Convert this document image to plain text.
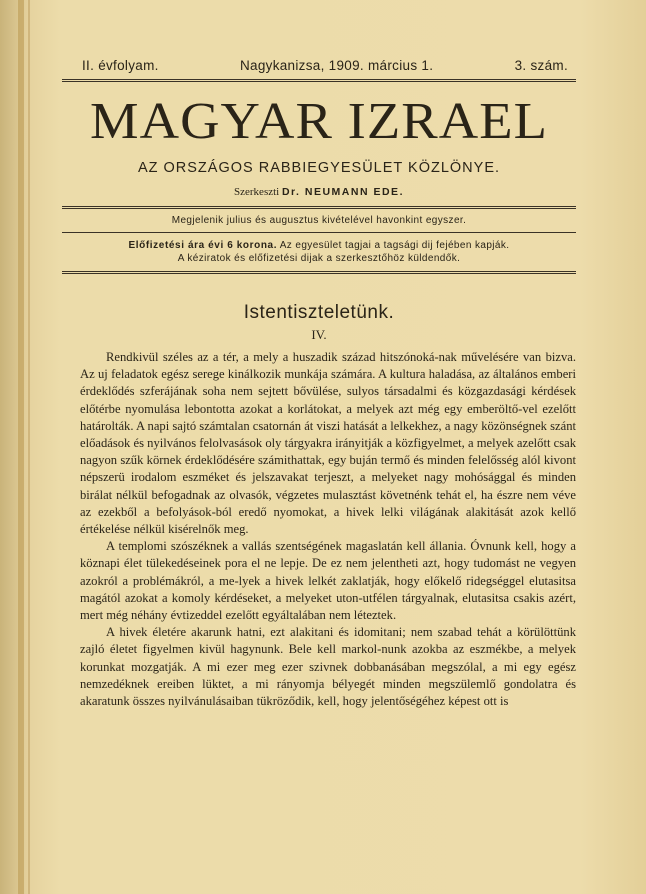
II. évfolyam.	Nagykanizsa, 1909. március 1.	3. szám.
MAGYAR IZRAEL
AZ ORSZÁGOS RABBIEGYESÜLET KÖZLÖNYE.
Szerkeszti Dr. NEUMANN EDE.
Megjelenik julius és augusztus kivételével havonkint egyszer.
Előfizetési ára évi 6 korona. Az egyesület tagjai a tagsági dij fejében kapják.
A kéziratok és előfizetési dijak a szerkesztőhöz küldendők.
Istentiszteletünk.
IV.

Rendkivül széles az a tér, a mely a huszadik század hitszónoká-nak művelésére van bizva. Az uj feladatok egész serege kinálkozik munkája számára. A kultura haladása, az általános emberi érdeklődés szferájának soha nem sejtett bővülése, sulyos társadalmi és közgazdasági kérdések előtérbe nyomulása lebontotta azokat a korlátokat, a melyek azt még egy emberöltő-vel ezelőtt határolták. A napi sajtó számtalan csatornán át viszi hatását a lelkekhez, a nagy közönségnek szánt előadások és nyilvános felolvasások oly tárgyakra irányitják a közfigyelmet, a melyek azelőtt csak nagyon szűk körnek érdeklődésére számithattak, egy buján termő és minden felelősség alól kivont népszerü irodalom eszméket és jelszavakat terjeszt, a melyeket nagy mohósággal és minden birálat nélkül befogadnak az olvasók, végzetes mulasztást követnénk tehát el, ha észre nem véve az ezekből a befolyások-ból eredő nyomokat, a hivek lelki világának alakitását azok kellő értékelése nélkül kisérelnők meg.

A templomi szószéknek a vallás szentségének magaslatán kell állania. Óvnunk kell, hogy a köznapi élet tülekedéseinek pora el ne lepje. De ez nem jelentheti azt, hogy tudomást ne vegyen azokról a problémákról, a me-lyek a hivek lelkét zaklatják, hogy előkelő ridegséggel elutasitsa magától azokat a komoly kérdéseket, a melyeket uton-utfélen tárgyalnak, elutasitsa csakis azért, mert még néhány évtizeddel ezelőtt egyáltalában nem léteztek.

A hivek életére akarunk hatni, ezt alakitani és idomitani; nem szabad tehát a körülöttünk zajló életet figyelmen kivül hagynunk. Bele kell markol-nunk azokba az eszmékbe, a melyek korunkat mozgatják. A mi ezer meg ezer szivnek dobbanásában megszólal, a mi egy egész nemzedéknek ereiben lüktet, a mi rányomja bélyegét minden megszülemlő gondolatra és akaratunk összes nyilvánulásaiban tükröződik, kell, hogy jelentőségéhez képest ott is
